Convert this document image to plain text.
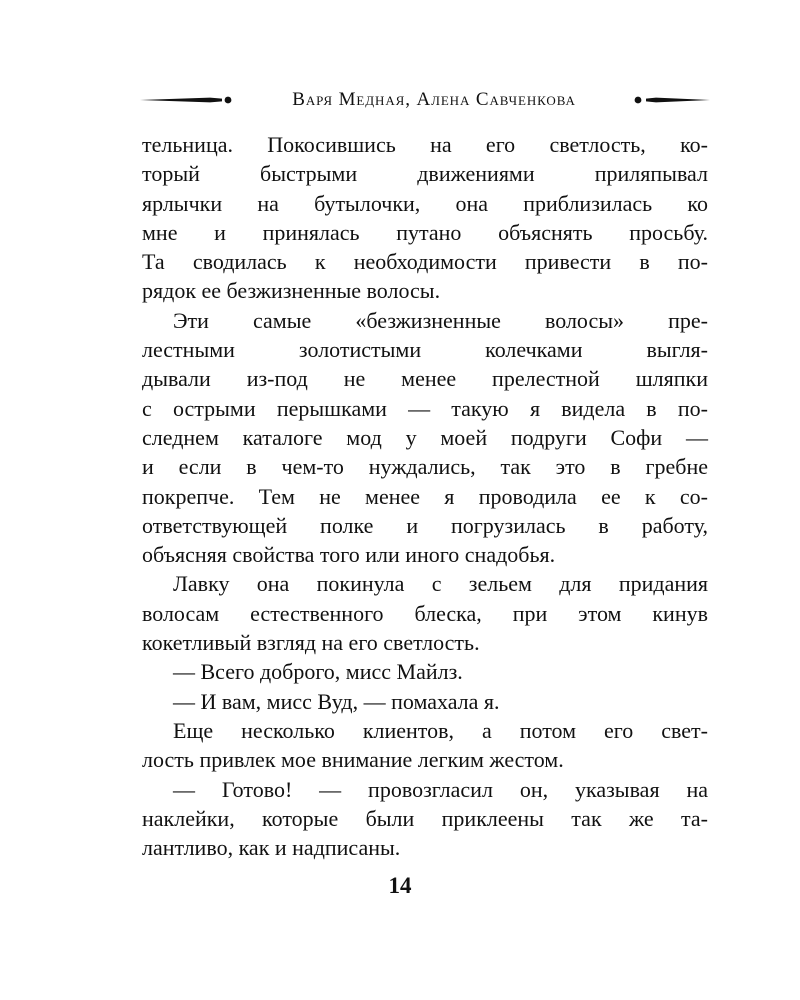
Варя Медная, Алена Савченкова
тельница. Покосившись на его светлость, ко-
торый быстрыми движениями приляпывал
ярлычки на бутылочки, она приблизилась ко
мне и принялась путано объяснять просьбу.
Та сводилась к необходимости привести в по-
рядок ее безжизненные волосы.
Эти самые «безжизненные волосы» пре-
лестными золотистыми колечками выгля-
дывали из-под не менее прелестной шляпки
с острыми перышками — такую я видела в по-
следнем каталоге мод у моей подруги Софи —
и если в чем-то нуждались, так это в гребне
покрепче. Тем не менее я проводила ее к со-
ответствующей полке и погрузилась в работу,
объясняя свойства того или иного снадобья.
Лавку она покинула с зельем для придания
волосам естественного блеска, при этом кинув
кокетливый взгляд на его светлость.
— Всего доброго, мисс Майлз.
— И вам, мисс Вуд, — помахала я.
Еще несколько клиентов, а потом его свет-
лость привлек мое внимание легким жестом.
— Готово! — провозгласил он, указывая на
наклейки, которые были приклеены так же та-
лантливо, как и надписаны.
14
